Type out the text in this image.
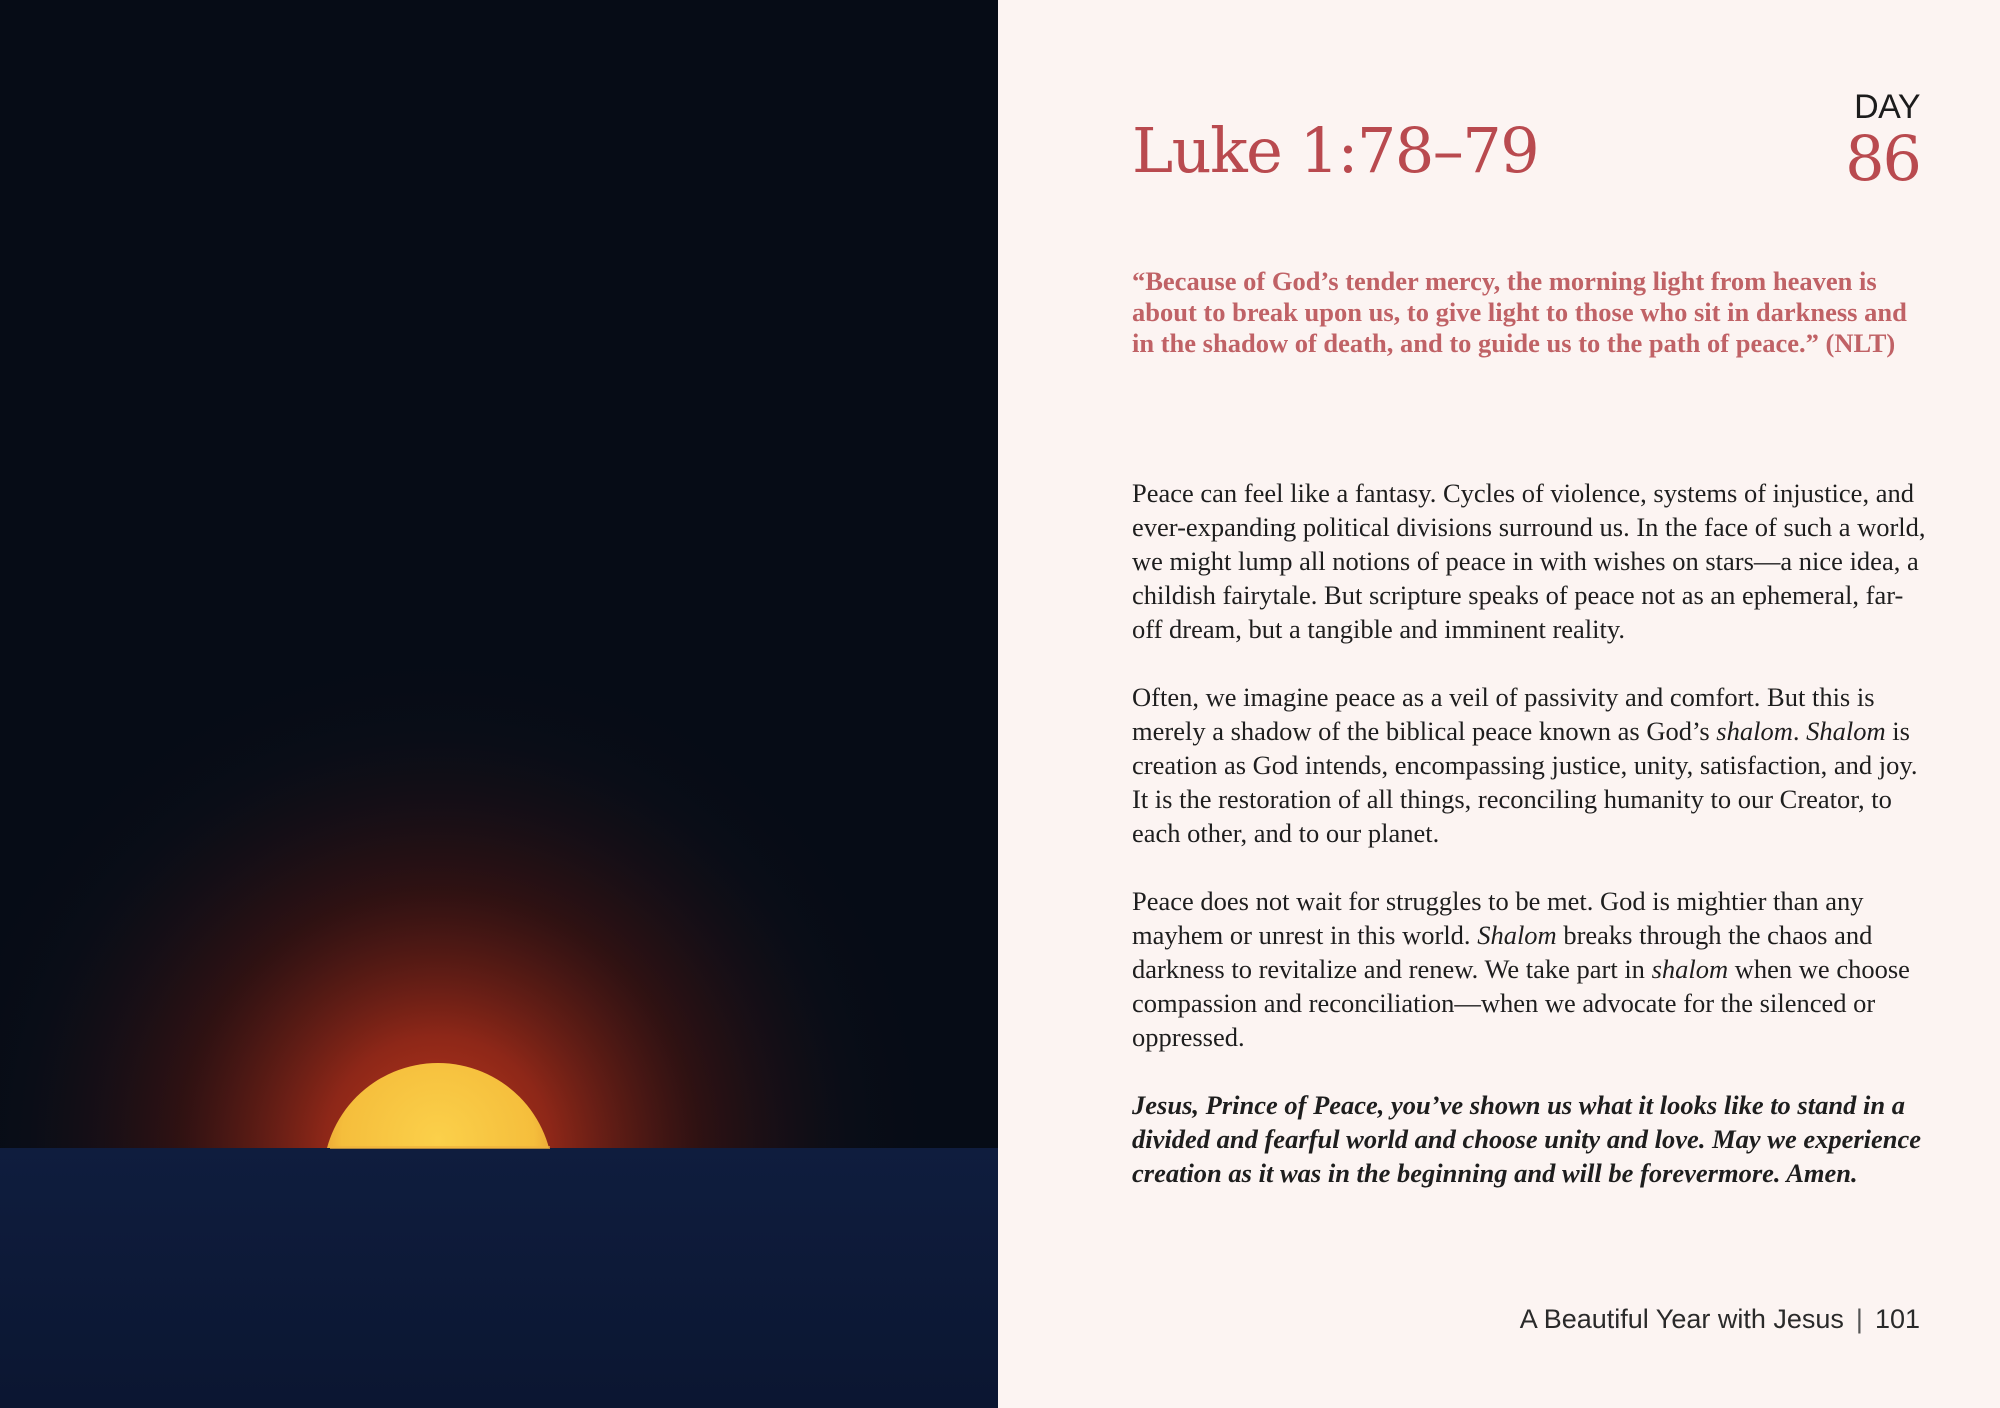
Luke 1:78–79
DAY
86

“Because of God’s tender mercy, the morning light from heaven is about to break upon us, to give light to those who sit in darkness and in the shadow of death, and to guide us to the path of peace.” (NLT)

Peace can feel like a fantasy. Cycles of violence, systems of injustice, and ever-expanding political divisions surround us. In the face of such a world, we might lump all notions of peace in with wishes on stars—a nice idea, a childish fairytale. But scripture speaks of peace not as an ephemeral, far-off dream, but a tangible and imminent reality.

Often, we imagine peace as a veil of passivity and comfort. But this is merely a shadow of the biblical peace known as God’s shalom. Shalom is creation as God intends, encompassing justice, unity, satisfaction, and joy. It is the restoration of all things, reconciling humanity to our Creator, to each other, and to our planet.

Peace does not wait for struggles to be met. God is mightier than any mayhem or unrest in this world. Shalom breaks through the chaos and darkness to revitalize and renew. We take part in shalom when we choose compassion and reconciliation—when we advocate for the silenced or oppressed.

Jesus, Prince of Peace, you’ve shown us what it looks like to stand in a divided and fearful world and choose unity and love. May we experience creation as it was in the beginning and will be forevermore. Amen.

A Beautiful Year with Jesus | 101
